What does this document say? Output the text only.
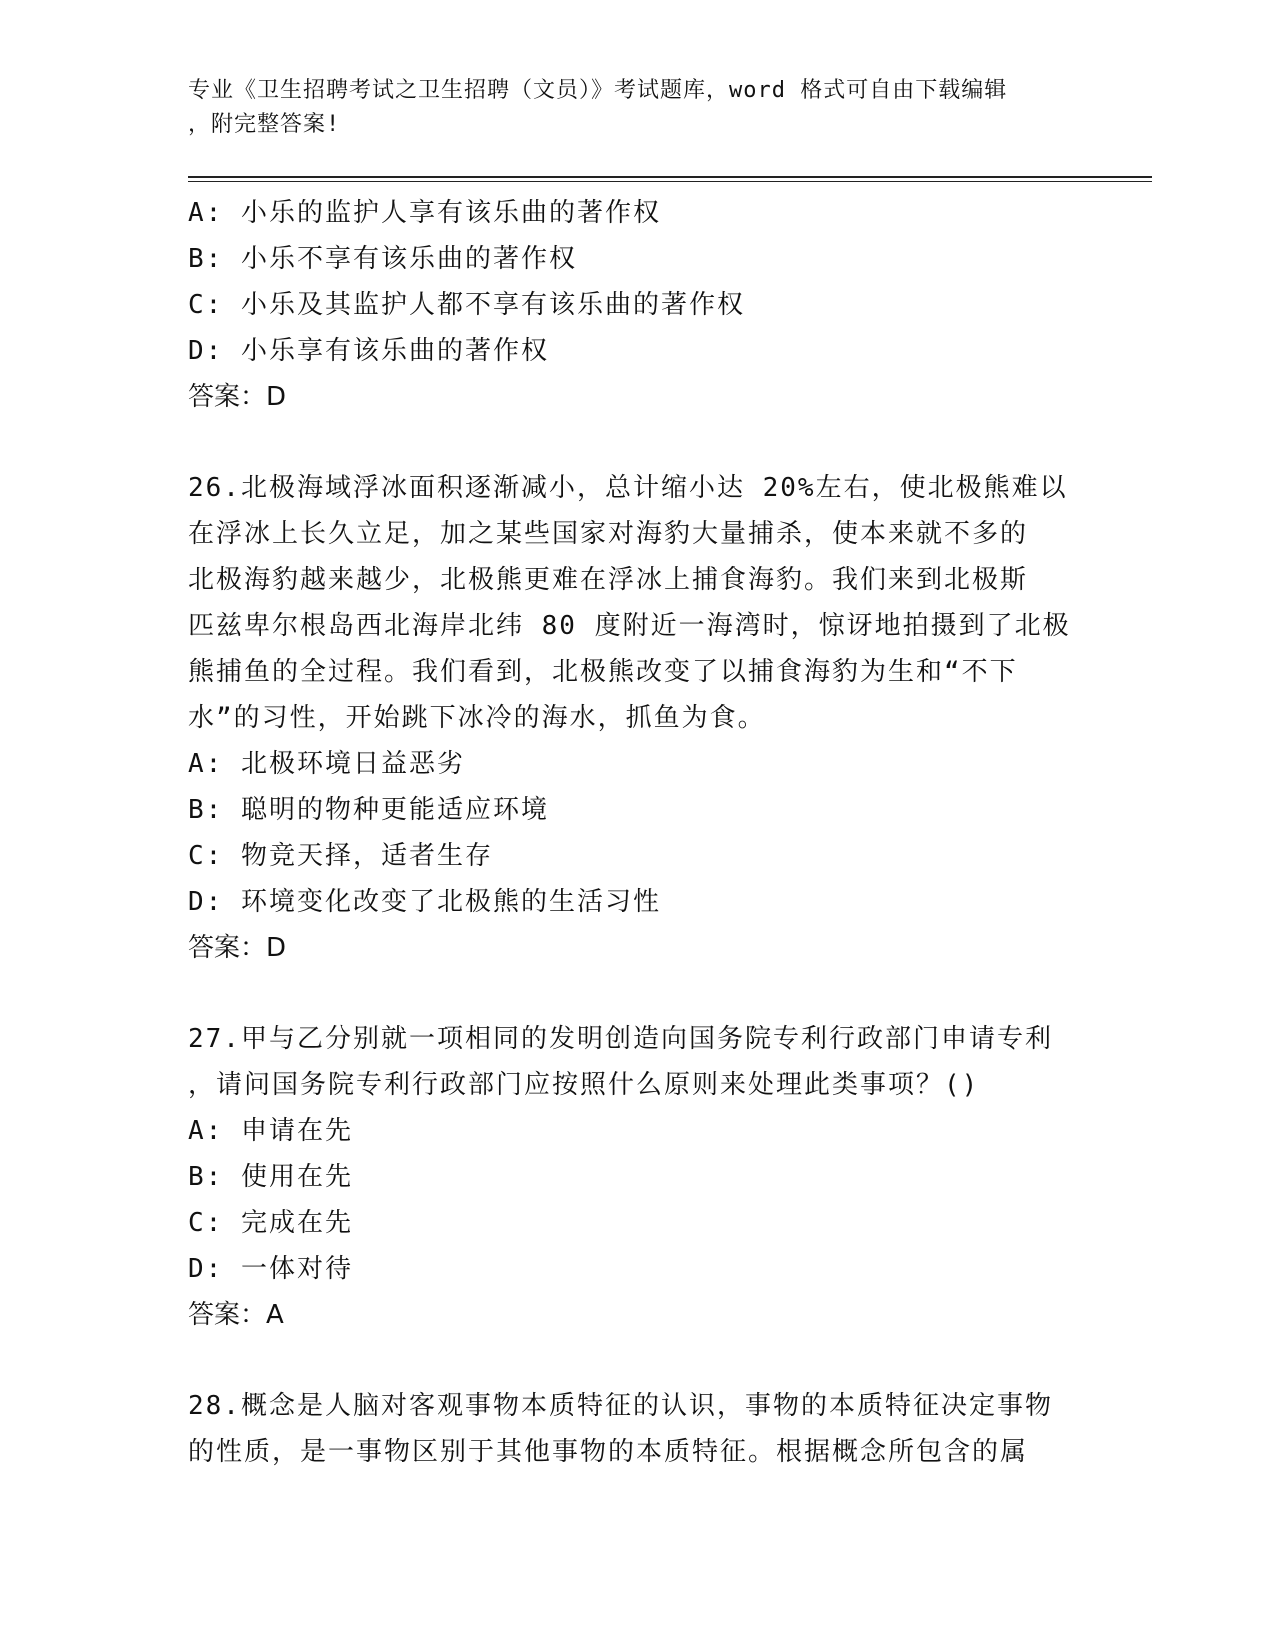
专业《卫生招聘考试之卫生招聘（文员）》考试题库，word 格式可自由下载编辑
，附完整答案!
A: 小乐的监护人享有该乐曲的著作权
B: 小乐不享有该乐曲的著作权
C: 小乐及其监护人都不享有该乐曲的著作权
D: 小乐享有该乐曲的著作权
答案：D
26.北极海域浮冰面积逐渐减小，总计缩小达 20%左右，使北极熊难以
在浮冰上长久立足，加之某些国家对海豹大量捕杀，使本来就不多的
北极海豹越来越少，北极熊更难在浮冰上捕食海豹。我们来到北极斯
匹兹卑尔根岛西北海岸北纬 80 度附近一海湾时，惊讶地拍摄到了北极
熊捕鱼的全过程。我们看到，北极熊改变了以捕食海豹为生和“不下
水”的习性，开始跳下冰冷的海水，抓鱼为食。
A: 北极环境日益恶劣
B: 聪明的物种更能适应环境
C: 物竞天择，适者生存
D: 环境变化改变了北极熊的生活习性
答案：D
27.甲与乙分别就一项相同的发明创造向国务院专利行政部门申请专利
，请问国务院专利行政部门应按照什么原则来处理此类事项？()
A: 申请在先
B: 使用在先
C: 完成在先
D: 一体对待
答案：A
28.概念是人脑对客观事物本质特征的认识，事物的本质特征决定事物
的性质，是一事物区别于其他事物的本质特征。根据概念所包含的属
